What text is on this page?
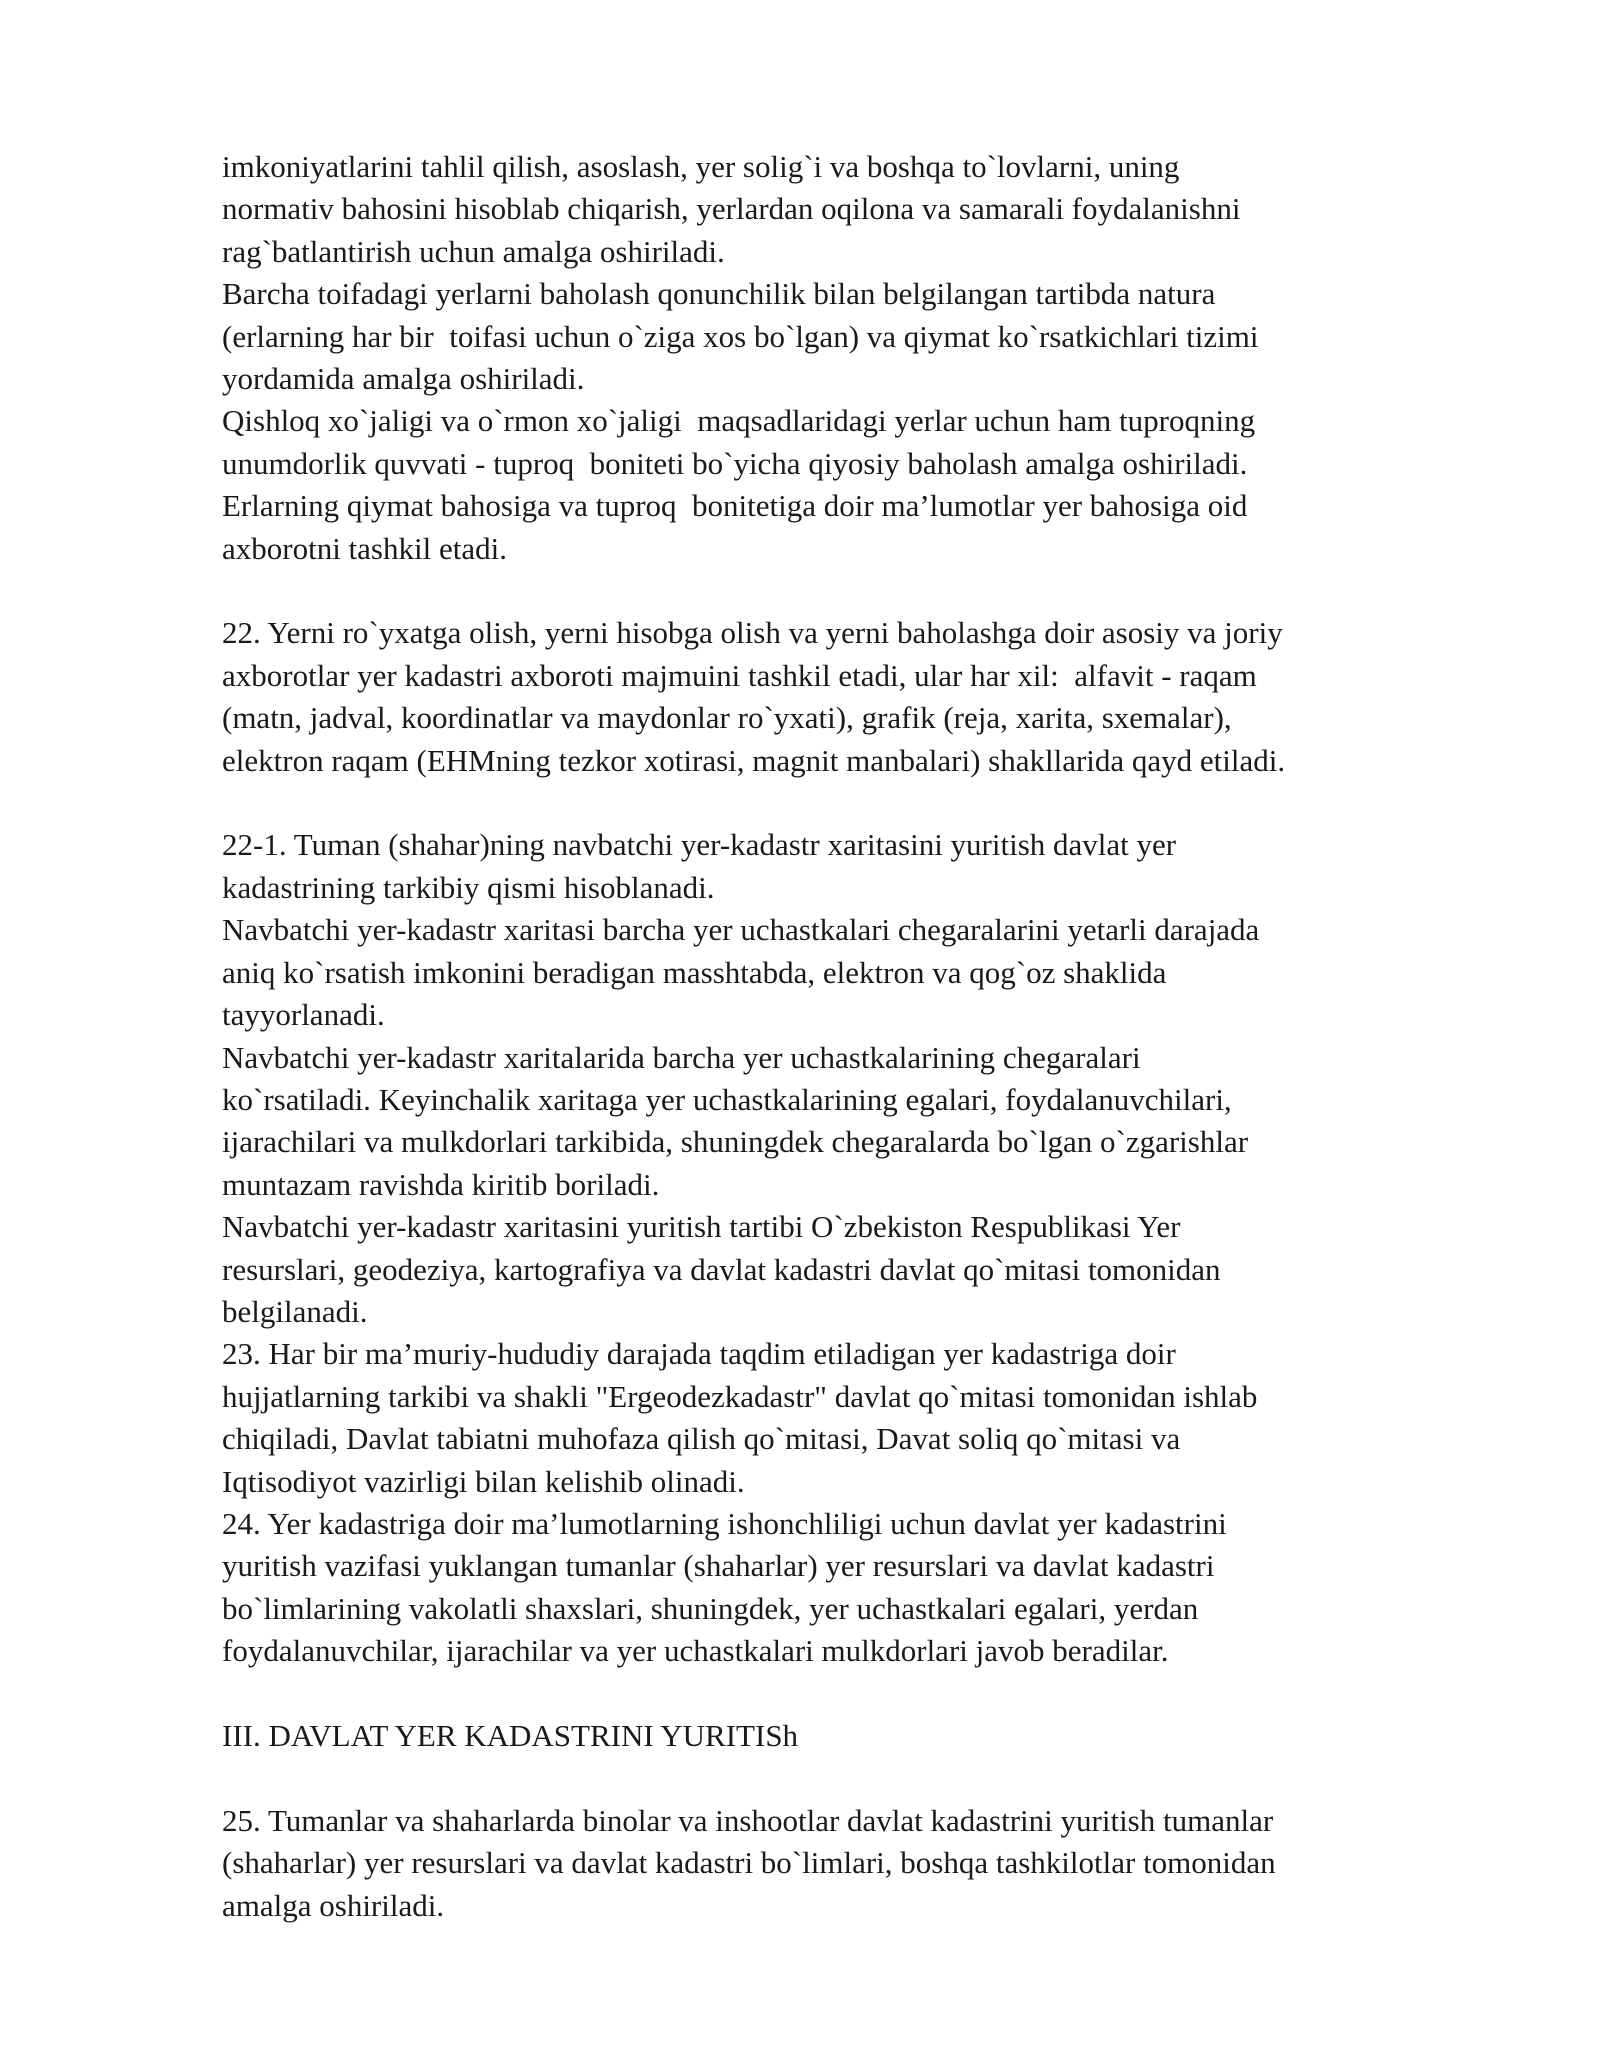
imkoniyatlarini tahlil qilish, asoslash, yer solig`i va boshqa to`lovlarni, uning

normativ bahosini hisoblab chiqarish, yerlardan oqilona va samarali foydalanishni

rag`batlantirish uchun amalga oshiriladi.

Barcha toifadagi yerlarni baholash qonunchilik bilan belgilangan tartibda natura

(erlarning har bir  toifasi uchun o`ziga xos bo`lgan) va qiymat ko`rsatkichlari tizimi

yordamida amalga oshiriladi.

Qishloq xo`jaligi va o`rmon xo`jaligi  maqsadlaridagi yerlar uchun ham tuproqning

unumdorlik quvvati - tuproq  boniteti bo`yicha qiyosiy baholash amalga oshiriladi.

Erlarning qiymat bahosiga va tuproq  bonitetiga doir ma’lumotlar yer bahosiga oid

axborotni tashkil etadi.

22. Yerni ro`yxatga olish, yerni hisobga olish va yerni baholashga doir asosiy va joriy

axborotlar yer kadastri axboroti majmuini tashkil etadi, ular har xil:  alfavit - raqam

(matn, jadval, koordinatlar va maydonlar ro`yxati), grafik (reja, xarita, sxemalar),

elektron raqam (EHMning tezkor xotirasi, magnit manbalari) shakllarida qayd etiladi.

22-1. Tuman (shahar)ning navbatchi yer-kadastr xaritasini yuritish davlat yer

kadastrining tarkibiy qismi hisoblanadi.

Navbatchi yer-kadastr xaritasi barcha yer uchastkalari chegaralarini yetarli darajada

aniq ko`rsatish imkonini beradigan masshtabda, elektron va qog`oz shaklida

tayyorlanadi.

Navbatchi yer-kadastr xaritalarida barcha yer uchastkalarining chegaralari

ko`rsatiladi. Keyinchalik xaritaga yer uchastkalarining egalari, foydalanuvchilari,

ijarachilari va mulkdorlari tarkibida, shuningdek chegaralarda bo`lgan o`zgarishlar

muntazam ravishda kiritib boriladi.

Navbatchi yer-kadastr xaritasini yuritish tartibi O`zbekiston Respublikasi Yer

resurslari, geodeziya, kartografiya va davlat kadastri davlat qo`mitasi tomonidan

belgilanadi.

23. Har bir ma’muriy-hududiy darajada taqdim etiladigan yer kadastriga doir

hujjatlarning tarkibi va shakli "Ergeodezkadastr" davlat qo`mitasi tomonidan ishlab

chiqiladi, Davlat tabiatni muhofaza qilish qo`mitasi, Davat soliq qo`mitasi va

Iqtisodiyot vazirligi bilan kelishib olinadi.

24. Yer kadastriga doir ma’lumotlarning ishonchliligi uchun davlat yer kadastrini

yuritish vazifasi yuklangan tumanlar (shaharlar) yer resurslari va davlat kadastri

bo`limlarining vakolatli shaxslari, shuningdek, yer uchastkalari egalari, yerdan

foydalanuvchilar, ijarachilar va yer uchastkalari mulkdorlari javob beradilar.

III. DAVLAT YER KADASTRINI YURITISh

25. Tumanlar va shaharlarda binolar va inshootlar davlat kadastrini yuritish tumanlar

(shaharlar) yer resurslari va davlat kadastri bo`limlari, boshqa tashkilotlar tomonidan

amalga oshiriladi.
